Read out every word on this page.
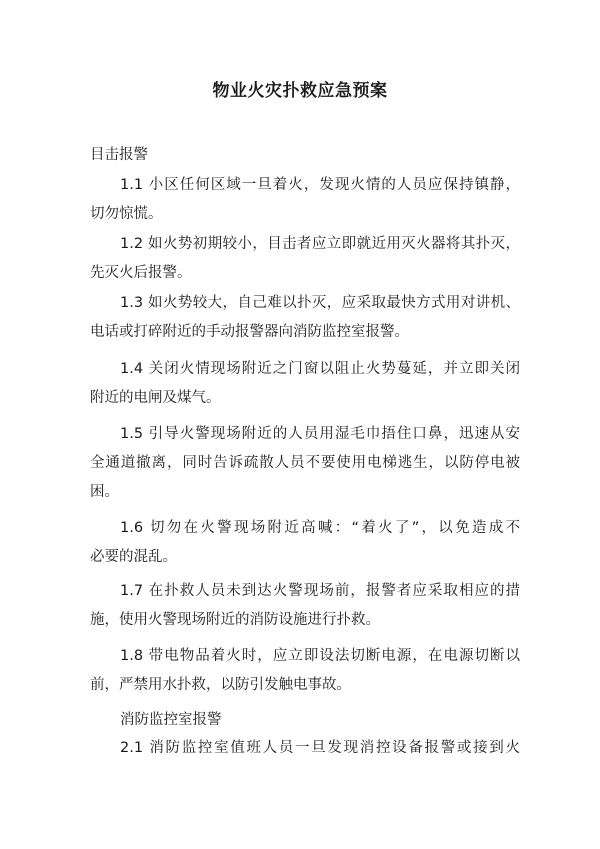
物业火灾扑救应急预案
目击报警
1.1 小区任何区域一旦着火，发现火情的人员应保持镇静，
切勿惊慌。
1.2 如火势初期较小，目击者应立即就近用灭火器将其扑灭，
先灭火后报警。
1.3 如火势较大，自己难以扑灭，应采取最快方式用对讲机、
电话或打碎附近的手动报警器向消防监控室报警。
1.4 关闭火情现场附近之门窗以阻止火势蔓延，并立即关闭
附近的电闸及煤气。
1.5 引导火警现场附近的人员用湿毛巾捂住口鼻，迅速从安
全通道撤离，同时告诉疏散人员不要使用电梯逃生，以防停电被
困。
1.6 切勿在火警现场附近高喊：“着火了”，以免造成不
必要的混乱。
1.7 在扑救人员未到达火警现场前，报警者应采取相应的措
施，使用火警现场附近的消防设施进行扑救。
1.8 带电物品着火时，应立即设法切断电源，在电源切断以
前，严禁用水扑救，以防引发触电事故。
消防监控室报警
2.1 消防监控室值班人员一旦发现消控设备报警或接到火
